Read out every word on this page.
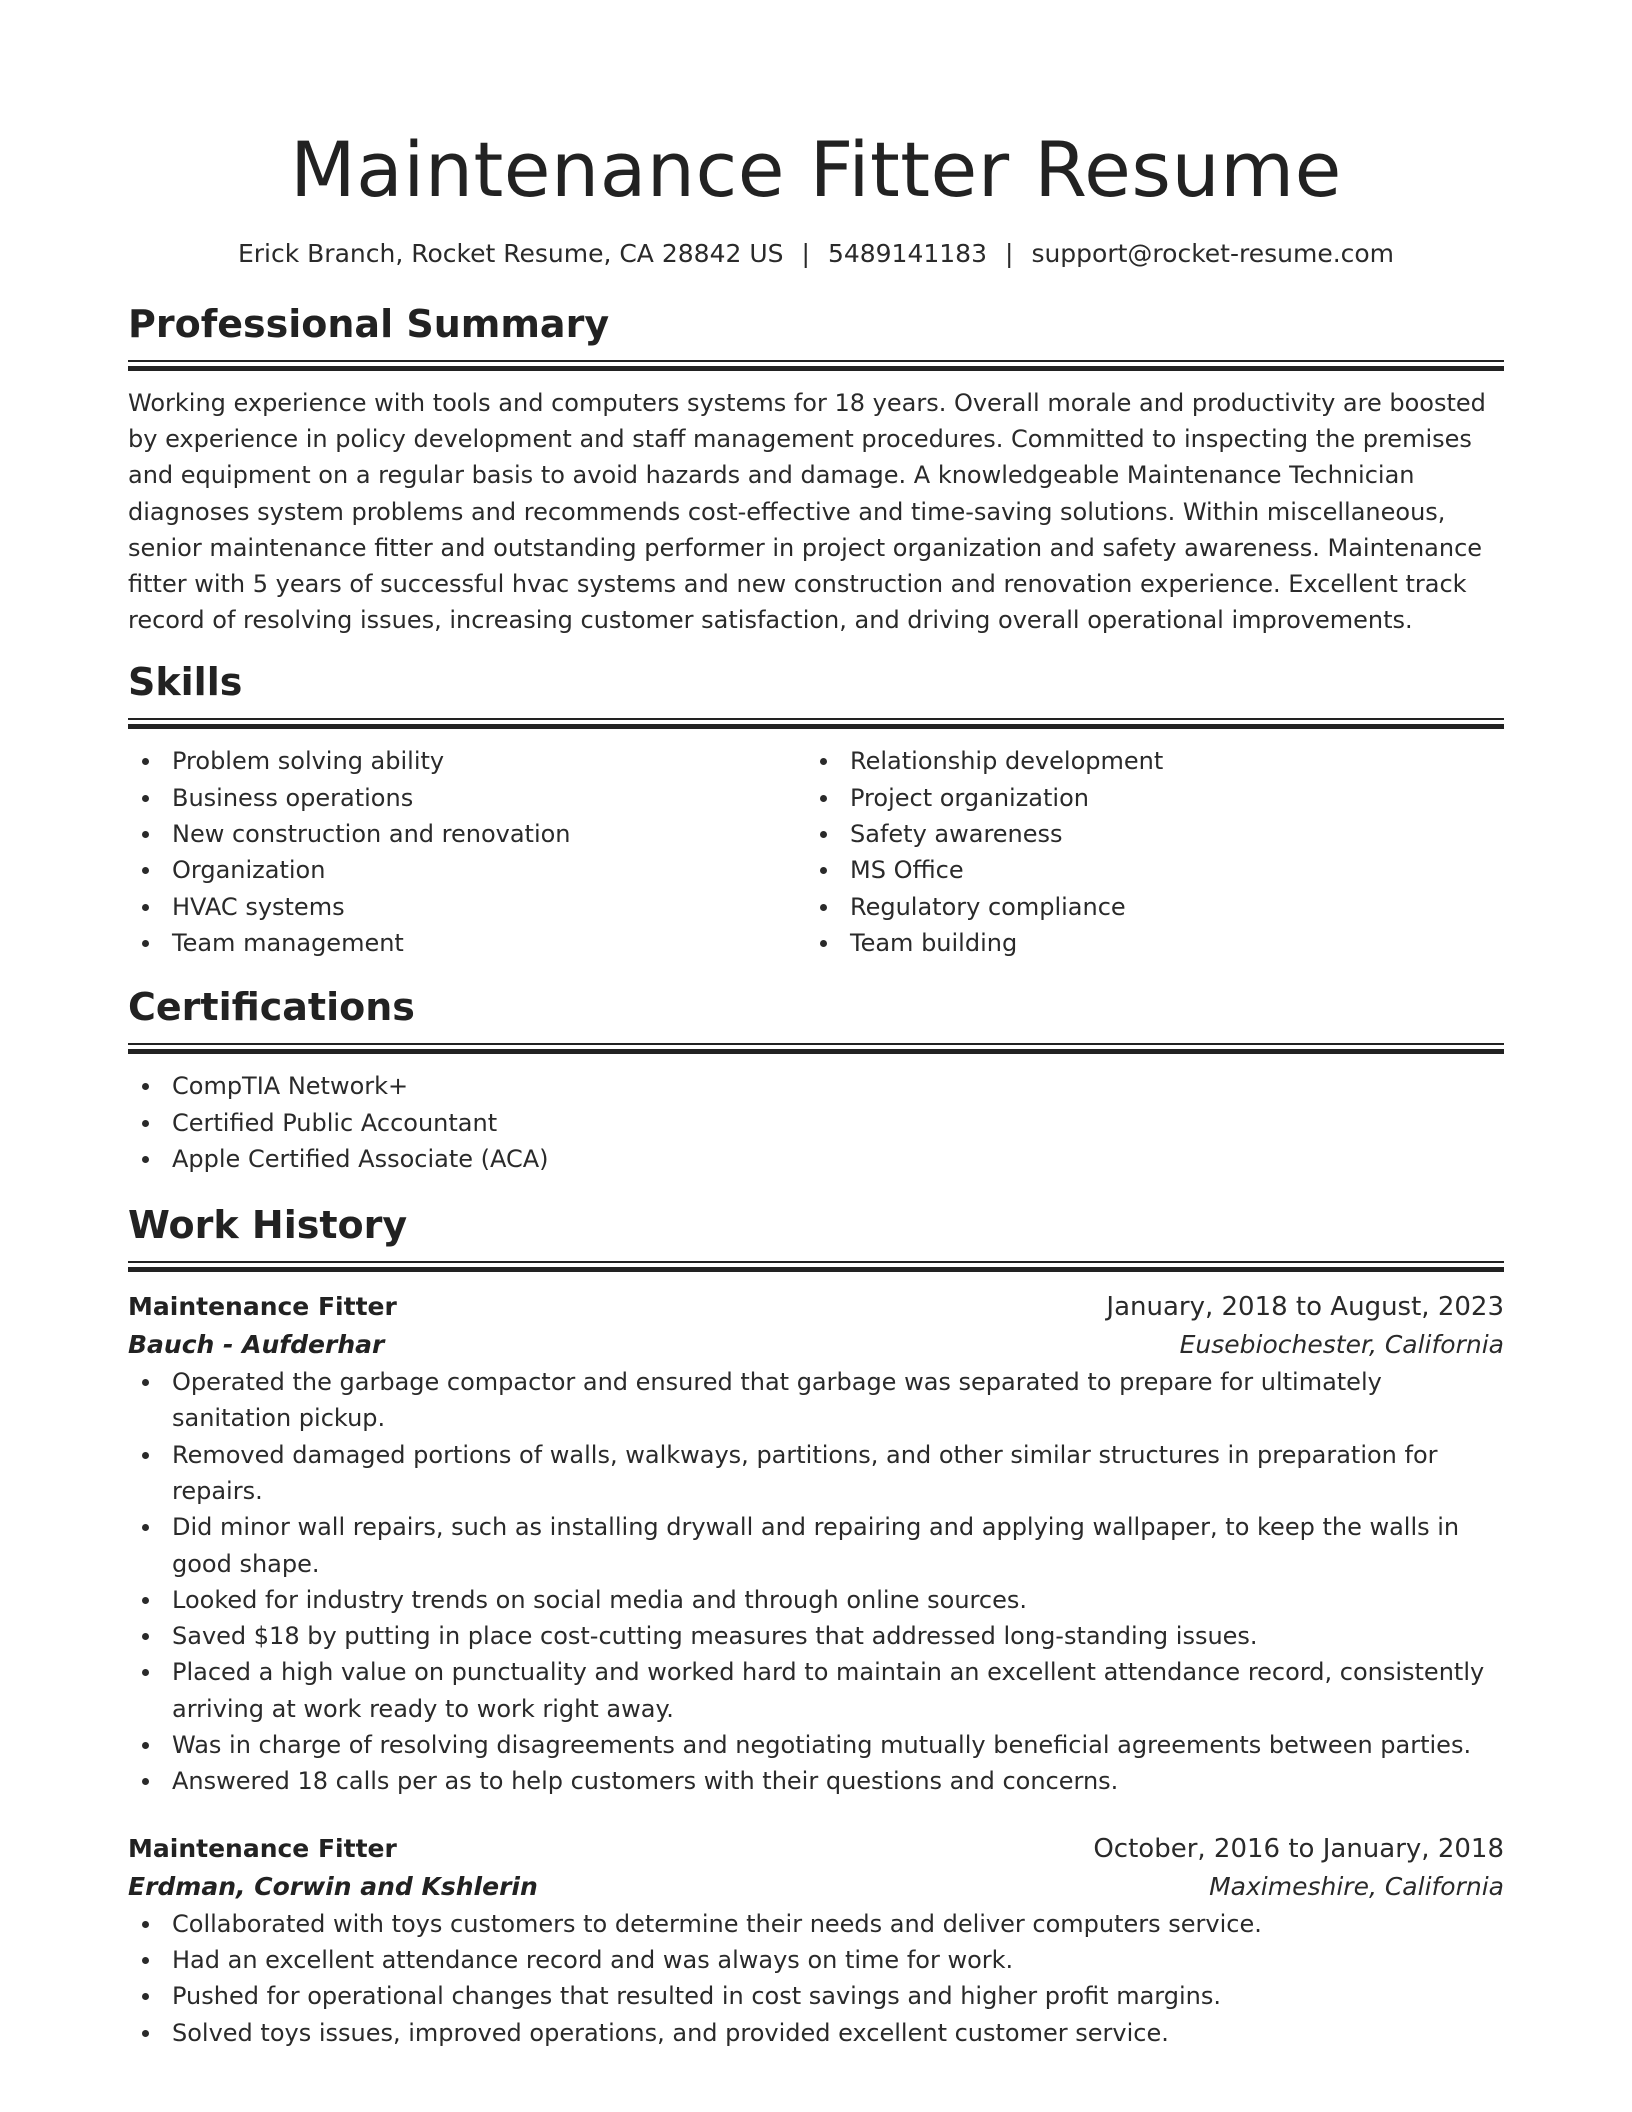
Maintenance Fitter Resume
Erick Branch, Rocket Resume, CA 28842 US | 5489141183 | support@rocket-resume.com
Professional Summary
Working experience with tools and computers systems for 18 years. Overall morale and productivity are boosted by experience in policy development and staff management procedures. Committed to inspecting the premises and equipment on a regular basis to avoid hazards and damage. A knowledgeable Maintenance Technician diagnoses system problems and recommends cost-effective and time-saving solutions. Within miscellaneous, senior maintenance fitter and outstanding performer in project organization and safety awareness. Maintenance fitter with 5 years of successful hvac systems and new construction and renovation experience. Excellent track record of resolving issues, increasing customer satisfaction, and driving overall operational improvements.
Skills
Problem solving ability
Business operations
New construction and renovation
Organization
HVAC systems
Team management
Relationship development
Project organization
Safety awareness
MS Office
Regulatory compliance
Team building
Certifications
CompTIA Network+
Certified Public Accountant
Apple Certified Associate (ACA)
Work History
Maintenance Fitter	January, 2018 to August, 2023
Bauch - Aufderhar	Eusebiochester, California
Operated the garbage compactor and ensured that garbage was separated to prepare for ultimately sanitation pickup.
Removed damaged portions of walls, walkways, partitions, and other similar structures in preparation for repairs.
Did minor wall repairs, such as installing drywall and repairing and applying wallpaper, to keep the walls in good shape.
Looked for industry trends on social media and through online sources.
Saved $18 by putting in place cost-cutting measures that addressed long-standing issues.
Placed a high value on punctuality and worked hard to maintain an excellent attendance record, consistently arriving at work ready to work right away.
Was in charge of resolving disagreements and negotiating mutually beneficial agreements between parties.
Answered 18 calls per as to help customers with their questions and concerns.
Maintenance Fitter	October, 2016 to January, 2018
Erdman, Corwin and Kshlerin	Maximeshire, California
Collaborated with toys customers to determine their needs and deliver computers service.
Had an excellent attendance record and was always on time for work.
Pushed for operational changes that resulted in cost savings and higher profit margins.
Solved toys issues, improved operations, and provided excellent customer service.
